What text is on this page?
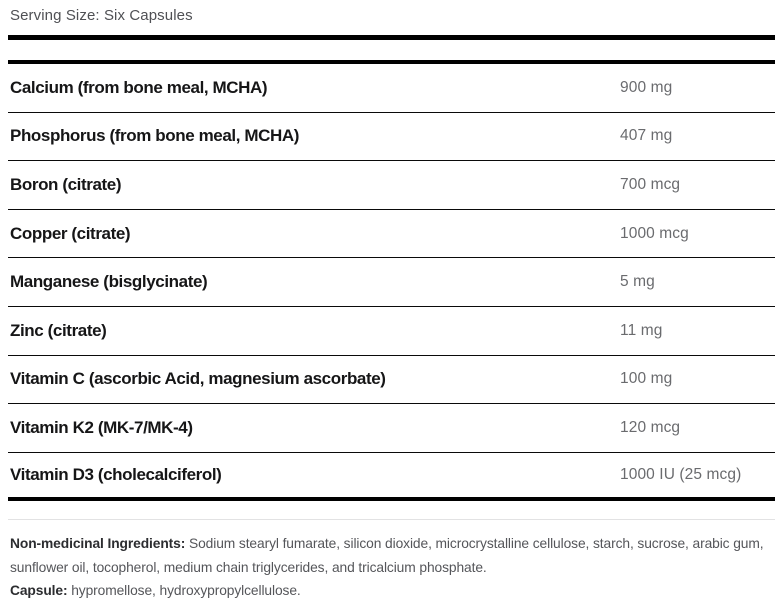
Serving Size: Six Capsules
Calcium (from bone meal, MCHA)	900 mg
Phosphorus (from bone meal, MCHA)	407 mg
Boron (citrate)	700 mcg
Copper (citrate)	1000 mcg
Manganese (bisglycinate)	5 mg
Zinc (citrate)	11 mg
Vitamin C (ascorbic Acid, magnesium ascorbate)	100 mg
Vitamin K2 (MK-7/MK-4)	120 mcg
Vitamin D3 (cholecalciferol)	1000 IU (25 mcg)
Non-medicinal Ingredients: Sodium stearyl fumarate, silicon dioxide, microcrystalline cellulose, starch, sucrose, arabic gum, sunflower oil, tocopherol, medium chain triglycerides, and tricalcium phosphate.
Capsule: hypromellose, hydroxypropylcellulose.
